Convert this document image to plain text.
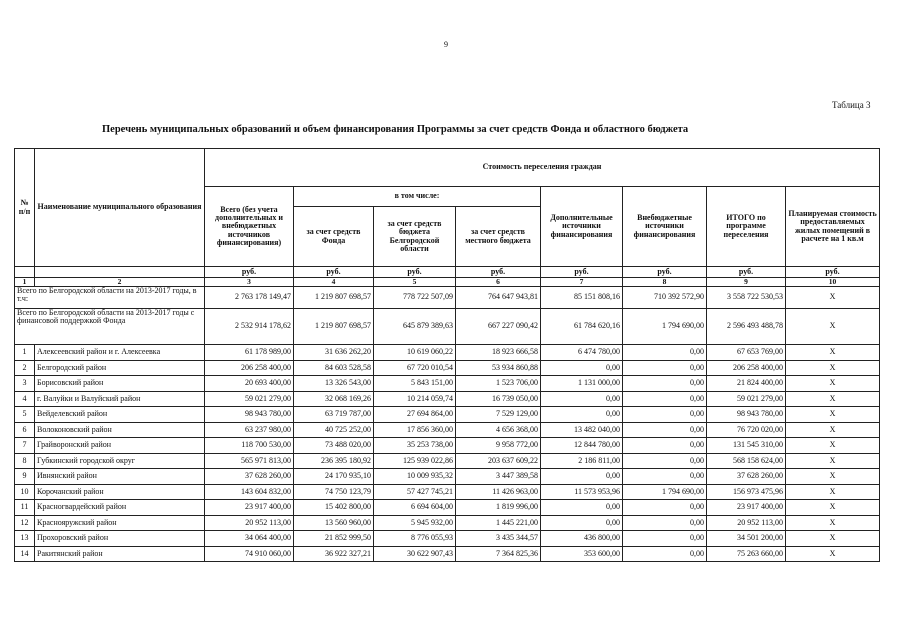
9
Таблица 3
Перечень муниципальных образований и объем финансирования Программы за счет средств Фонда и областного бюджета
№ п/п	Наименование муниципального образования	Стоимость переселения граждан							
		Всего (без учета дополнительных и внебюджетных источников финансирования)	в том числе:			Дополнительные источники финансирования	Внебюджетные источники финансирования	ИТОГО по программе переселения	Планируемая стоимость предоставляемых жилых помещений в расчете на 1 кв.м
			за счет средств Фонда	за счет средств бюджета Белгородской области	за счет средств местного бюджета				
		руб.	руб.	руб.	руб.	руб.	руб.	руб.	руб.
1	2	3	4	5	6	7	8	9	10
Всего по Белгородской области на 2013-2017 годы, в т.ч:		2 763 178 149,47	1 219 807 698,57	778 722 507,09	764 647 943,81	85 151 808,16	710 392 572,90	3 558 722 530,53	X
Всего по Белгородской области на 2013-2017 годы с финансовой поддержкой Фонда		2 532 914 178,62	1 219 807 698,57	645 879 389,63	667 227 090,42	61 784 620,16	1 794 690,00	2 596 493 488,78	X
1	Алексеевский район и г. Алексеевка	61 178 989,00	31 636 262,20	10 619 060,22	18 923 666,58	6 474 780,00	0,00	67 653 769,00	X
2	Белгородский район	206 258 400,00	84 603 528,58	67 720 010,54	53 934 860,88	0,00	0,00	206 258 400,00	X
3	Борисовский район	20 693 400,00	13 326 543,00	5 843 151,00	1 523 706,00	1 131 000,00	0,00	21 824 400,00	X
4	г. Валуйки и Валуйский район	59 021 279,00	32 068 169,26	10 214 059,74	16 739 050,00	0,00	0,00	59 021 279,00	X
5	Вейделевский район	98 943 780,00	63 719 787,00	27 694 864,00	7 529 129,00	0,00	0,00	98 943 780,00	X
6	Волоконовский район	63 237 980,00	40 725 252,00	17 856 360,00	4 656 368,00	13 482 040,00	0,00	76 720 020,00	X
7	Грайворонский район	118 700 530,00	73 488 020,00	35 253 738,00	9 958 772,00	12 844 780,00	0,00	131 545 310,00	X
8	Губкинский городской округ	565 971 813,00	236 395 180,92	125 939 022,86	203 637 609,22	2 186 811,00	0,00	568 158 624,00	X
9	Ивнянский район	37 628 260,00	24 170 935,10	10 009 935,32	3 447 389,58	0,00	0,00	37 628 260,00	X
10	Корочанский район	143 604 832,00	74 750 123,79	57 427 745,21	11 426 963,00	11 573 953,96	1 794 690,00	156 973 475,96	X
11	Красногвардейский район	23 917 400,00	15 402 800,00	6 694 604,00	1 819 996,00	0,00	0,00	23 917 400,00	X
12	Краснояружский район	20 952 113,00	13 560 960,00	5 945 932,00	1 445 221,00	0,00	0,00	20 952 113,00	X
13	Прохоровский район	34 064 400,00	21 852 999,50	8 776 055,93	3 435 344,57	436 800,00	0,00	34 501 200,00	X
14	Ракитянский район	74 910 060,00	36 922 327,21	30 622 907,43	7 364 825,36	353 600,00	0,00	75 263 660,00	X
